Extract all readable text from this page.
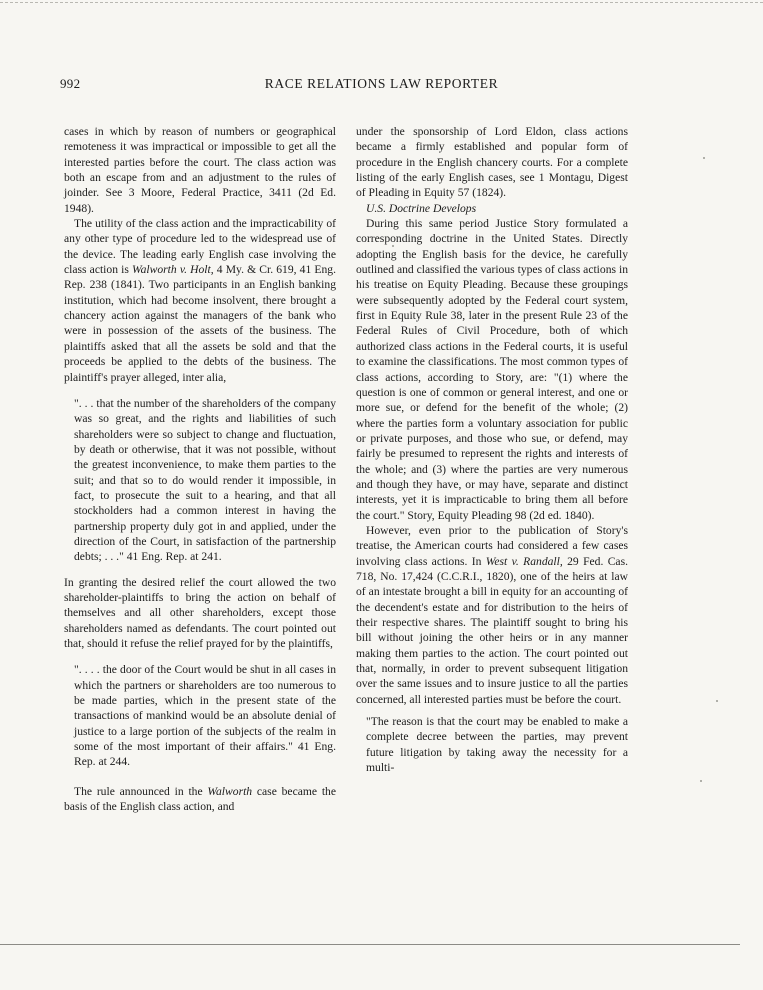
992	RACE RELATIONS LAW REPORTER

cases in which by reason of numbers or geographical remoteness it was impractical or impossible to get all the interested parties before the court. The class action was both an escape from and an adjustment to the rules of joinder. See 3 Moore, Federal Practice, 3411 (2d Ed. 1948).

The utility of the class action and the impracticability of any other type of procedure led to the widespread use of the device. The leading early English case involving the class action is Walworth v. Holt, 4 My. & Cr. 619, 41 Eng. Rep. 238 (1841). Two participants in an English banking institution, which had become insolvent, there brought a chancery action against the managers of the bank who were in possession of the assets of the business. The plaintiffs asked that all the assets be sold and that the proceeds be applied to the debts of the business. The plaintiff's prayer alleged, inter alia,

". . . that the number of the shareholders of the company was so great, and the rights and liabilities of such shareholders were so subject to change and fluctuation, by death or otherwise, that it was not possible, without the greatest inconvenience, to make them parties to the suit; and that so to do would render it impossible, in fact, to prosecute the suit to a hearing, and that all stockholders had a common interest in having the partnership property duly got in and applied, under the direction of the Court, in satisfaction of the partnership debts; . . ." 41 Eng. Rep. at 241.

In granting the desired relief the court allowed the two shareholder-plaintiffs to bring the action on behalf of themselves and all other shareholders, except those shareholders named as defendants. The court pointed out that, should it refuse the relief prayed for by the plaintiffs,

". . . . the door of the Court would be shut in all cases in which the partners or shareholders are too numerous to be made parties, which in the present state of the transactions of mankind would be an absolute denial of justice to a large portion of the subjects of the realm in some of the most important of their affairs." 41 Eng. Rep. at 244.

The rule announced in the Walworth case became the basis of the English class action, and

under the sponsorship of Lord Eldon, class actions became a firmly established and popular form of procedure in the English chancery courts. For a complete listing of the early English cases, see 1 Montagu, Digest of Pleading in Equity 57 (1824).

U.S. Doctrine Develops

During this same period Justice Story formulated a corresponding doctrine in the United States. Directly adopting the English basis for the device, he carefully outlined and classified the various types of class actions in his treatise on Equity Pleading. Because these groupings were subsequently adopted by the Federal court system, first in Equity Rule 38, later in the present Rule 23 of the Federal Rules of Civil Procedure, both of which authorized class actions in the Federal courts, it is useful to examine the classifications. The most common types of class actions, according to Story, are: "(1) where the question is one of common or general interest, and one or more sue, or defend for the benefit of the whole; (2) where the parties form a voluntary association for public or private purposes, and those who sue, or defend, may fairly be presumed to represent the rights and interests of the whole; and (3) where the parties are very numerous and though they have, or may have, separate and distinct interests, yet it is impracticable to bring them all before the court." Story, Equity Pleading 98 (2d ed. 1840).

However, even prior to the publication of Story's treatise, the American courts had considered a few cases involving class actions. In West v. Randall, 29 Fed. Cas. 718, No. 17,424 (C.C.R.I., 1820), one of the heirs at law of an intestate brought a bill in equity for an accounting of the decendent's estate and for distribution to the heirs of their respective shares. The plaintiff sought to bring his bill without joining the other heirs or in any manner making them parties to the action. The court pointed out that, normally, in order to prevent subsequent litigation over the same issues and to insure justice to all the parties concerned, all interested parties must be before the court.

"The reason is that the court may be enabled to make a complete decree between the parties, may prevent future litigation by taking away the necessity for a multi-
